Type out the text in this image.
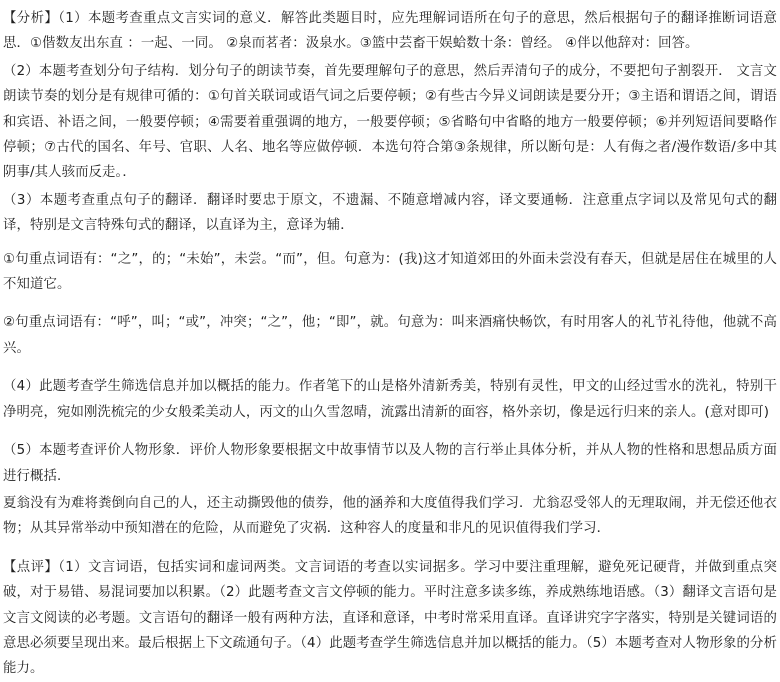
【分析】（1）本题考查重点文言实词的意义．解答此类题目时，应先理解词语所在句子的意思，然后根据句子的翻译推断词语意思．①偕数友出东直 ：一起、一同。 ②泉而茗者：汲泉水。③篮中芸畜干娱蛤数十条：曾经。 ④伴以他辞对：回答。

（2）本题考查划分句子结构．划分句子的朗读节奏，首先要理解句子的意思，然后弄清句子的成分，不要把句子割裂开． 文言文朗读节奏的划分是有规律可循的：①句首关联词或语气词之后要停顿；②有些古今异义词朗读是要分开；③主语和谓语之间，谓语和宾语、补语之间，一般要停顿；④需要着重强调的地方，一般要停顿；⑤省略句中省略的地方一般要停顿；⑥并列短语间要略作停顿；⑦古代的国名、年号、官职、人名、地名等应做停顿．本选句符合第③条规律，所以断句是：人有侮之者/漫作数语/多中其阴事/其人骇而反走。．

（3）本题考查重点句子的翻译．翻译时要忠于原文，不遗漏、不随意增减内容，译文要通畅．注意重点字词以及常见句式的翻译，特别是文言特殊句式的翻译，以直译为主，意译为辅．

①句重点词语有：“之”，的；“未始”，未尝。“而”，但。句意为：(我)这才知道郊田的外面未尝没有春天，但就是居住在城里的人不知道它。

②句重点词语有：“呼”，叫；“或”，冲突；“之”，他；“即”，就。句意为：叫来酒痛快畅饮，有时用客人的礼节礼待他，他就不高兴。

（4）此题考查学生筛选信息并加以概括的能力。作者笔下的山是格外清新秀美，特别有灵性，甲文的山经过雪水的洗礼，特别干净明亮，宛如刚洗梳完的少女般柔美动人，丙文的山久雪忽晴，流露出清新的面容，格外亲切，像是远行归来的亲人。(意对即可)

（5）本题考查评价人物形象．评价人物形象要根据文中故事情节以及人物的言行举止具体分析，并从人物的性格和思想品质方面进行概括．

夏翁没有为难将粪倒向自己的人，还主动撕毁他的债券，他的涵养和大度值得我们学习．尤翁忍受邻人的无理取闹，并无偿还他衣物；从其异常举动中预知潜在的危险，从而避免了灾祸．这种容人的度量和非凡的见识值得我们学习．

【点评】（1）文言词语，包括实词和虚词两类。文言词语的考查以实词据多。学习中要注重理解，避免死记硬背，并做到重点突破，对于易错、易混词要加以积累。（2）此题考查文言文停顿的能力。平时注意多读多练，养成熟练地语感。（3）翻译文言语句是文言文阅读的必考题。文言语句的翻译一般有两种方法，直译和意译，中考时常采用直译。直译讲究字字落实，特别是关键词语的意思必须要呈现出来。最后根据上下文疏通句子。（4）此题考查学生筛选信息并加以概括的能力。（5）本题考查对人物形象的分析能力。
